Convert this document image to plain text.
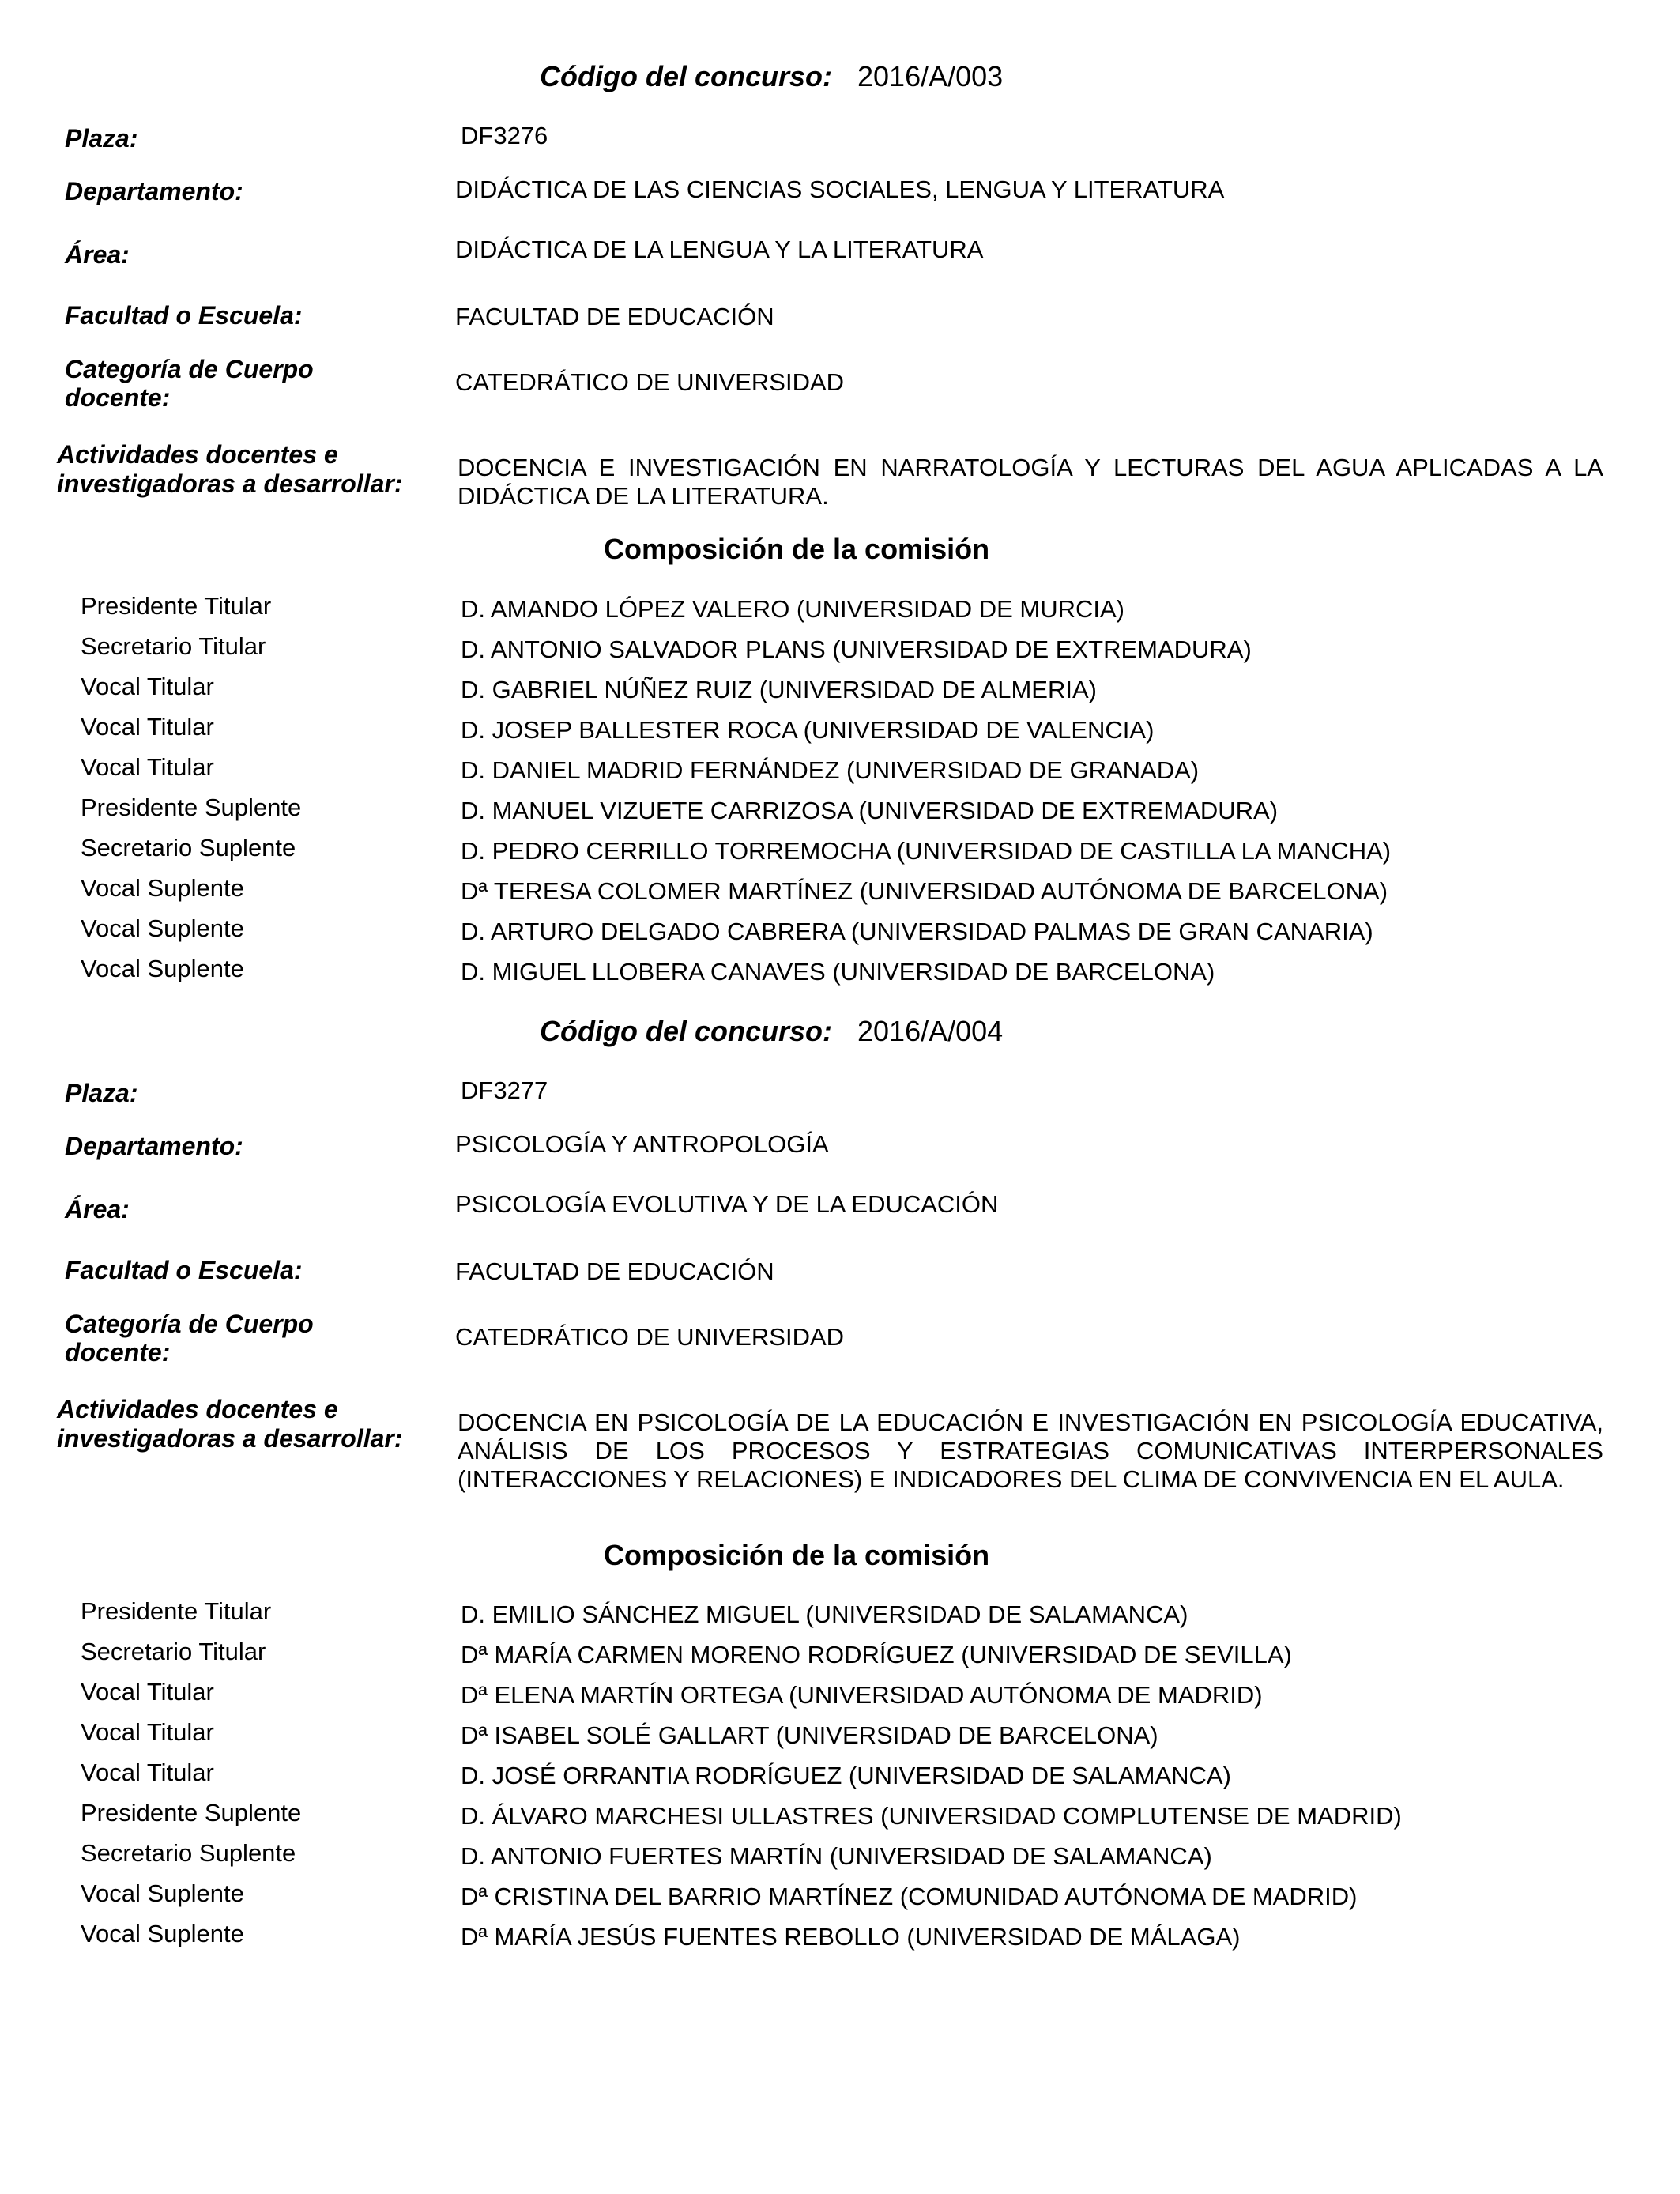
Código del concurso: 2016/A/003
Plaza:	DF3276
Departamento:	DIDÁCTICA DE LAS CIENCIAS SOCIALES, LENGUA Y LITERATURA
Área:	DIDÁCTICA DE LA LENGUA Y LA LITERATURA
Facultad o Escuela:	FACULTAD DE EDUCACIÓN
Categoría de Cuerpo
docente:
CATEDRÁTICO DE UNIVERSIDAD
Actividades docentes e
investigadoras a desarrollar:
DOCENCIA E INVESTIGACIÓN EN NARRATOLOGÍA Y LECTURAS DEL AGUA APLICADAS A LA DIDÁCTICA DE LA LITERATURA.
Composición de la comisión
Presidente Titular	D. AMANDO LÓPEZ VALERO (UNIVERSIDAD DE MURCIA)
Secretario Titular	D. ANTONIO SALVADOR PLANS (UNIVERSIDAD DE EXTREMADURA)
Vocal Titular	D. GABRIEL NÚÑEZ RUIZ (UNIVERSIDAD DE ALMERIA)
Vocal Titular	D. JOSEP BALLESTER ROCA (UNIVERSIDAD DE VALENCIA)
Vocal Titular	D. DANIEL MADRID FERNÁNDEZ (UNIVERSIDAD DE GRANADA)
Presidente Suplente	D. MANUEL VIZUETE CARRIZOSA (UNIVERSIDAD DE EXTREMADURA)
Secretario Suplente	D. PEDRO CERRILLO TORREMOCHA (UNIVERSIDAD DE CASTILLA LA MANCHA)
Vocal Suplente	Dª TERESA COLOMER MARTÍNEZ (UNIVERSIDAD AUTÓNOMA DE BARCELONA)
Vocal Suplente	D. ARTURO DELGADO CABRERA (UNIVERSIDAD PALMAS DE GRAN CANARIA)
Vocal Suplente	D. MIGUEL LLOBERA CANAVES (UNIVERSIDAD DE BARCELONA)
Código del concurso: 2016/A/004
Plaza:	DF3277
Departamento:	PSICOLOGÍA Y ANTROPOLOGÍA
Área:	PSICOLOGÍA EVOLUTIVA Y DE LA EDUCACIÓN
Facultad o Escuela:	FACULTAD DE EDUCACIÓN
Categoría de Cuerpo
docente:
CATEDRÁTICO DE UNIVERSIDAD
Actividades docentes e
investigadoras a desarrollar:
DOCENCIA EN PSICOLOGÍA DE LA EDUCACIÓN E INVESTIGACIÓN EN PSICOLOGÍA EDUCATIVA, ANÁLISIS DE LOS PROCESOS Y ESTRATEGIAS COMUNICATIVAS INTERPERSONALES (INTERACCIONES Y RELACIONES) E INDICADORES DEL CLIMA DE CONVIVENCIA EN EL AULA.
Composición de la comisión
Presidente Titular	D. EMILIO SÁNCHEZ MIGUEL (UNIVERSIDAD DE SALAMANCA)
Secretario Titular	Dª MARÍA CARMEN MORENO RODRÍGUEZ (UNIVERSIDAD DE SEVILLA)
Vocal Titular	Dª ELENA MARTÍN ORTEGA (UNIVERSIDAD AUTÓNOMA DE MADRID)
Vocal Titular	Dª ISABEL SOLÉ GALLART (UNIVERSIDAD DE BARCELONA)
Vocal Titular	D. JOSÉ ORRANTIA RODRÍGUEZ (UNIVERSIDAD DE SALAMANCA)
Presidente Suplente	D. ÁLVARO MARCHESI ULLASTRES (UNIVERSIDAD COMPLUTENSE DE MADRID)
Secretario Suplente	D. ANTONIO FUERTES MARTÍN (UNIVERSIDAD DE SALAMANCA)
Vocal Suplente	Dª CRISTINA DEL BARRIO MARTÍNEZ (COMUNIDAD AUTÓNOMA DE MADRID)
Vocal Suplente	Dª MARÍA JESÚS FUENTES REBOLLO (UNIVERSIDAD DE MÁLAGA)
